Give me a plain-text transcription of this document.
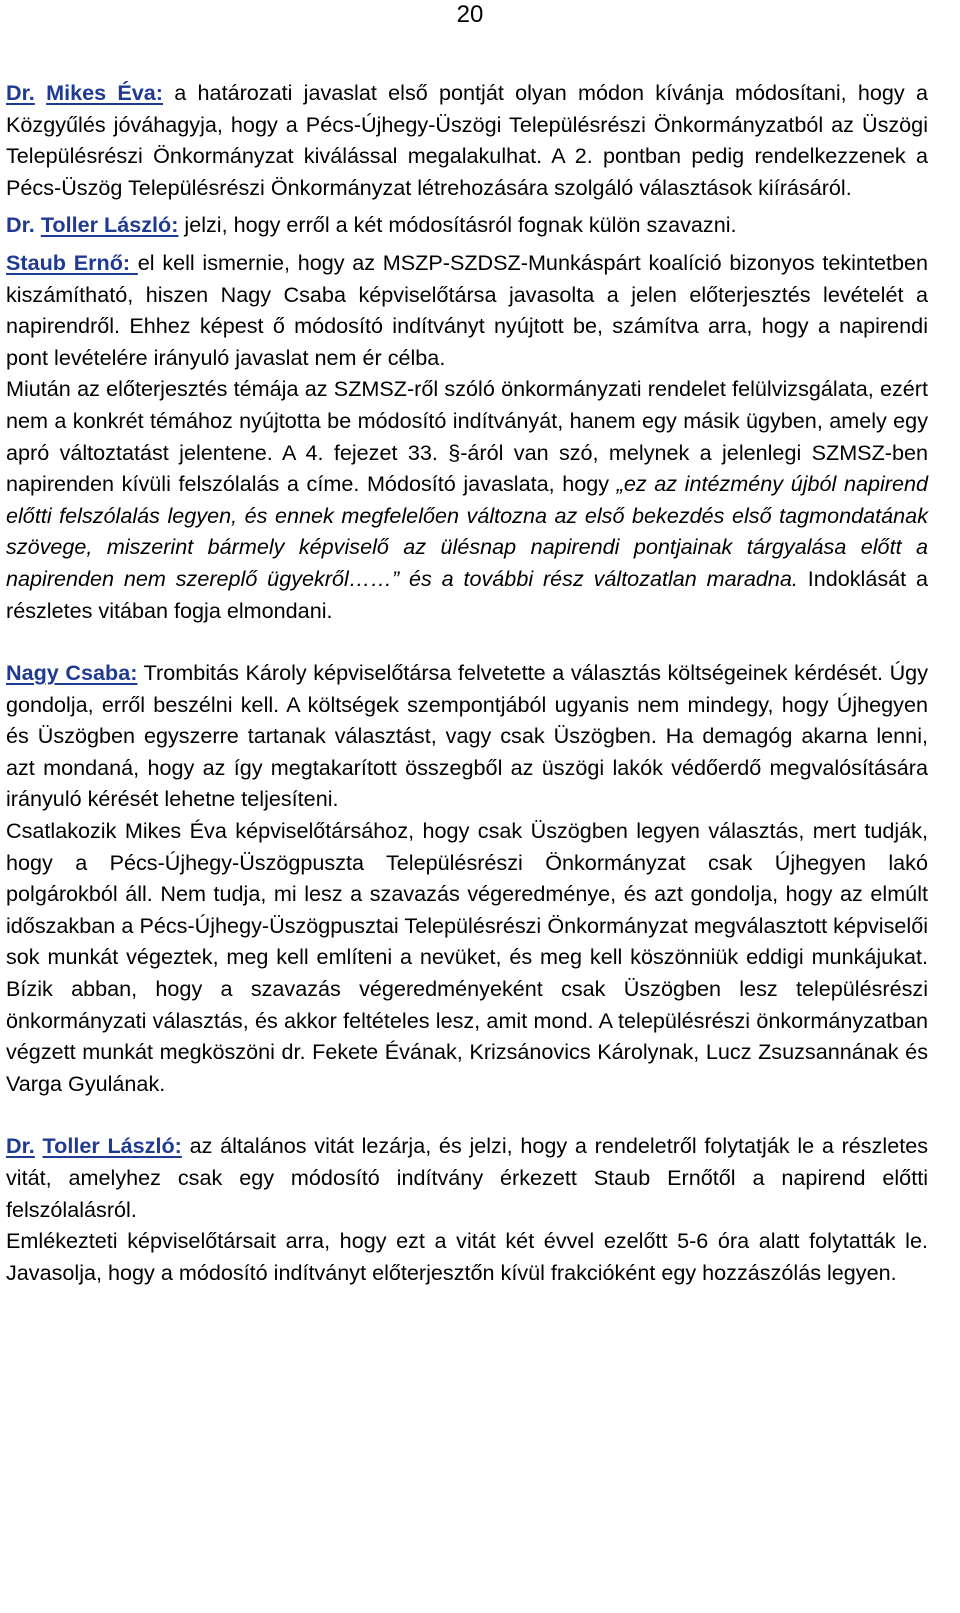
20

Dr. Mikes Éva: a határozati javaslat első pontját olyan módon kívánja módosítani, hogy a Közgyűlés jóváhagyja, hogy a Pécs-Újhegy-Üszögi Településrészi Önkormányzatból az Üszögi Településrészi Önkormányzat kiválással megalakulhat. A 2. pontban pedig rendelkezzenek a Pécs-Üszög Településrészi Önkormányzat létrehozására szolgáló választások kiírásáról.

Dr. Toller László: jelzi, hogy erről a két módosításról fognak külön szavazni.

Staub Ernő: el kell ismernie, hogy az MSZP-SZDSZ-Munkáspárt koalíció bizonyos tekintetben kiszámítható, hiszen Nagy Csaba képviselőtársa javasolta a jelen előterjesztés levételét a napirendről. Ehhez képest ő módosító indítványt nyújtott be, számítva arra, hogy a napirendi pont levételére irányuló javaslat nem ér célba.

Miután az előterjesztés témája az SZMSZ-ről szóló önkormányzati rendelet felülvizsgálata, ezért nem a konkrét témához nyújtotta be módosító indítványát, hanem egy másik ügyben, amely egy apró változtatást jelentene. A 4. fejezet 33. §-áról van szó, melynek a jelenlegi SZMSZ-ben napirenden kívüli felszólalás a címe. Módosító javaslata, hogy „ez az intézmény újból napirend előtti felszólalás legyen, és ennek megfelelően változna az első bekezdés első tagmondatának szövege, miszerint bármely képviselő az ülésnap napirendi pontjainak tárgyalása előtt a napirenden nem szereplő ügyekről……” és a további rész változatlan maradna. Indoklását a részletes vitában fogja elmondani.

Nagy Csaba: Trombitás Károly képviselőtársa felvetette a választás költségeinek kérdését. Úgy gondolja, erről beszélni kell. A költségek szempontjából ugyanis nem mindegy, hogy Újhegyen és Üszögben egyszerre tartanak választást, vagy csak Üszögben. Ha demagóg akarna lenni, azt mondaná, hogy az így megtakarított összegből az üszögi lakók védőerdő megvalósítására irányuló kérését lehetne teljesíteni.

Csatlakozik Mikes Éva képviselőtársához, hogy csak Üszögben legyen választás, mert tudják, hogy a Pécs-Újhegy-Üszögpuszta Településrészi Önkormányzat csak Újhegyen lakó polgárokból áll. Nem tudja, mi lesz a szavazás végeredménye, és azt gondolja, hogy az elmúlt időszakban a Pécs-Újhegy-Üszögpusztai Településrészi Önkormányzat megválasztott képviselői sok munkát végeztek, meg kell említeni a nevüket, és meg kell köszönniük eddigi munkájukat. Bízik abban, hogy a szavazás végeredményeként csak Üszögben lesz településrészi önkormányzati választás, és akkor feltételes lesz, amit mond. A településrészi önkormányzatban végzett munkát megköszöni dr. Fekete Évának, Krizsánovics Károlynak, Lucz Zsuzsannának és Varga Gyulának.

Dr. Toller László: az általános vitát lezárja, és jelzi, hogy a rendeletről folytatják le a részletes vitát, amelyhez csak egy módosító indítvány érkezett Staub Ernőtől a napirend előtti felszólalásról.

Emlékezteti képviselőtársait arra, hogy ezt a vitát két évvel ezelőtt 5-6 óra alatt folytatták le. Javasolja, hogy a módosító indítványt előterjesztőn kívül frakcióként egy hozzászólás legyen.
